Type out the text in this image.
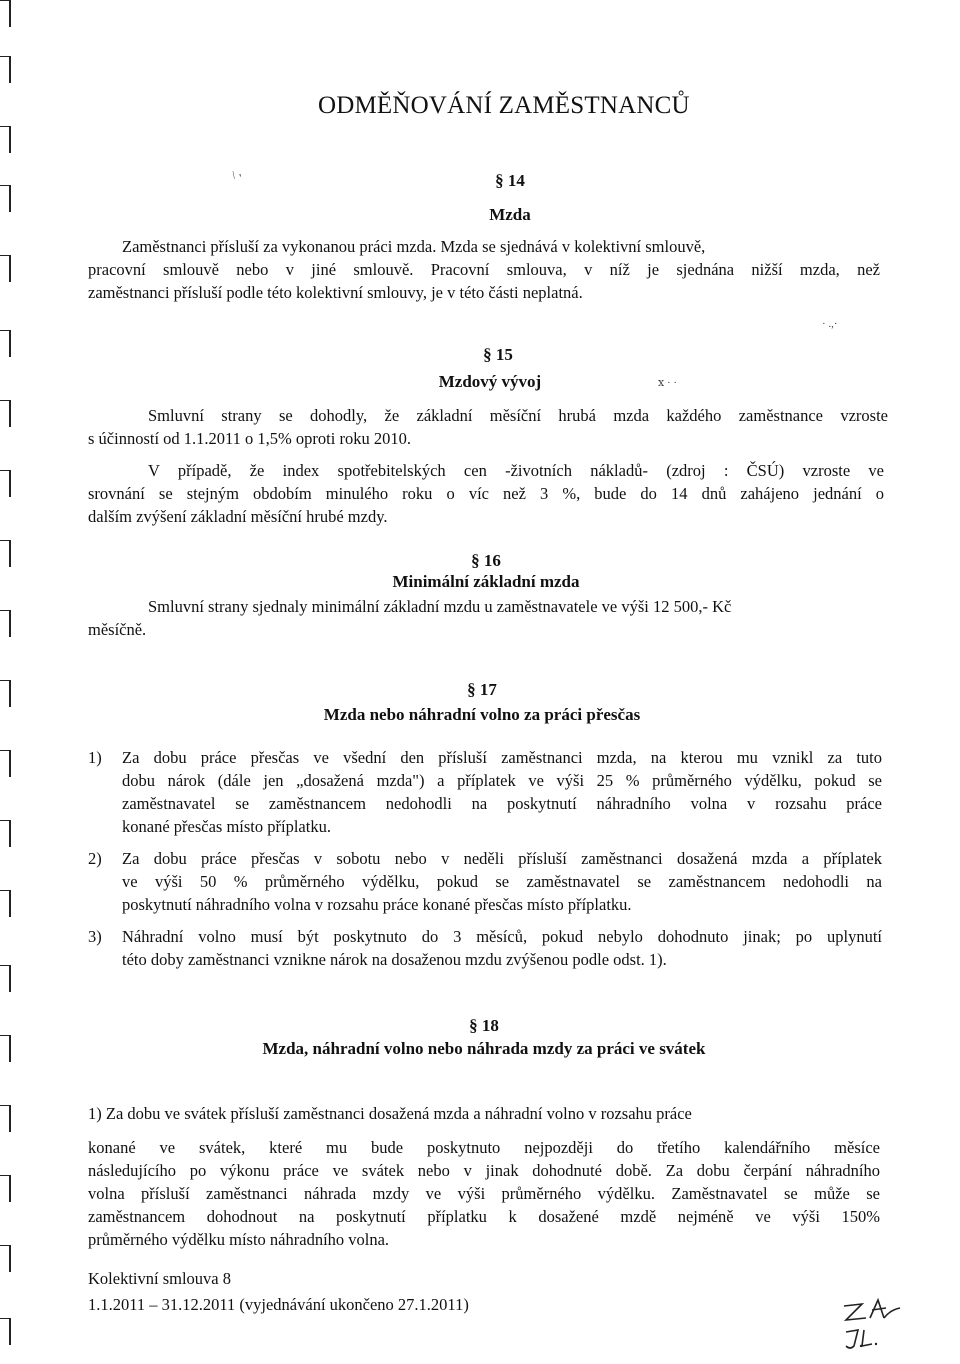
/ ,
· .,·
ⅹ · ·
ODMĚŇOVÁNÍ ZAMĚSTNANCŮ
§ 14
Mzda
Zaměstnanci přísluší za vykonanou práci mzda. Mzda se sjednává v kolektivní smlouvě,
pracovní smlouvě nebo v jiné smlouvě. Pracovní smlouva, v níž je sjednána nižší mzda, než
zaměstnanci přísluší podle této kolektivní smlouvy, je v této části neplatná.
§ 15
Mzdový vývoj
Smluvní strany se dohodly, že základní měsíční hrubá mzda každého zaměstnance vzroste
s účinností od 1.1.2011 o 1,5% oproti roku 2010.
V případě, že index spotřebitelských cen -životních nákladů- (zdroj : ČSÚ) vzroste ve
srovnání se stejným obdobím minulého roku o víc než 3 %, bude do 14 dnů zahájeno jednání o
dalším zvýšení základní měsíční hrubé mzdy.
§ 16
Minimální základní mzda
Smluvní strany sjednaly minimální základní mzdu u zaměstnavatele ve výši 12 500,- Kč
měsíčně.
§ 17
Mzda nebo náhradní volno za práci přesčas
1) Za dobu práce přesčas ve všední den přísluší zaměstnanci mzda, na kterou mu vznikl za tuto
dobu nárok (dále jen „dosažená mzda") a příplatek ve výši 25 % průměrného výdělku, pokud se
zaměstnavatel se zaměstnancem nedohodli na poskytnutí náhradního volna v rozsahu práce
konané přesčas místo příplatku.
2) Za dobu práce přesčas v sobotu nebo v neděli přísluší zaměstnanci dosažená mzda a příplatek
ve výši 50 % průměrného výdělku, pokud se zaměstnavatel se zaměstnancem nedohodli na
poskytnutí náhradního volna v rozsahu práce konané přesčas místo příplatku.
3) Náhradní volno musí být poskytnuto do 3 měsíců, pokud nebylo dohodnuto jinak; po uplynutí
této doby zaměstnanci vznikne nárok na dosaženou mzdu zvýšenou podle odst. 1).
§ 18
Mzda, náhradní volno nebo náhrada mzdy za práci ve svátek
1) Za dobu ve svátek přísluší zaměstnanci dosažená mzda a náhradní volno v rozsahu práce
konané ve svátek, které mu bude poskytnuto nejpozději do třetího kalendářního měsíce
následujícího po výkonu práce ve svátek nebo v jinak dohodnuté době. Za dobu čerpání náhradního
volna přísluší zaměstnanci náhrada mzdy ve výši průměrného výdělku. Zaměstnavatel se může se
zaměstnancem dohodnout na poskytnutí příplatku k dosažené mzdě nejméně ve výši 150%
průměrného výdělku místo náhradního volna.
Kolektivní smlouva 8
1.1.2011 – 31.12.2011 (vyjednávání ukončeno 27.1.2011)
